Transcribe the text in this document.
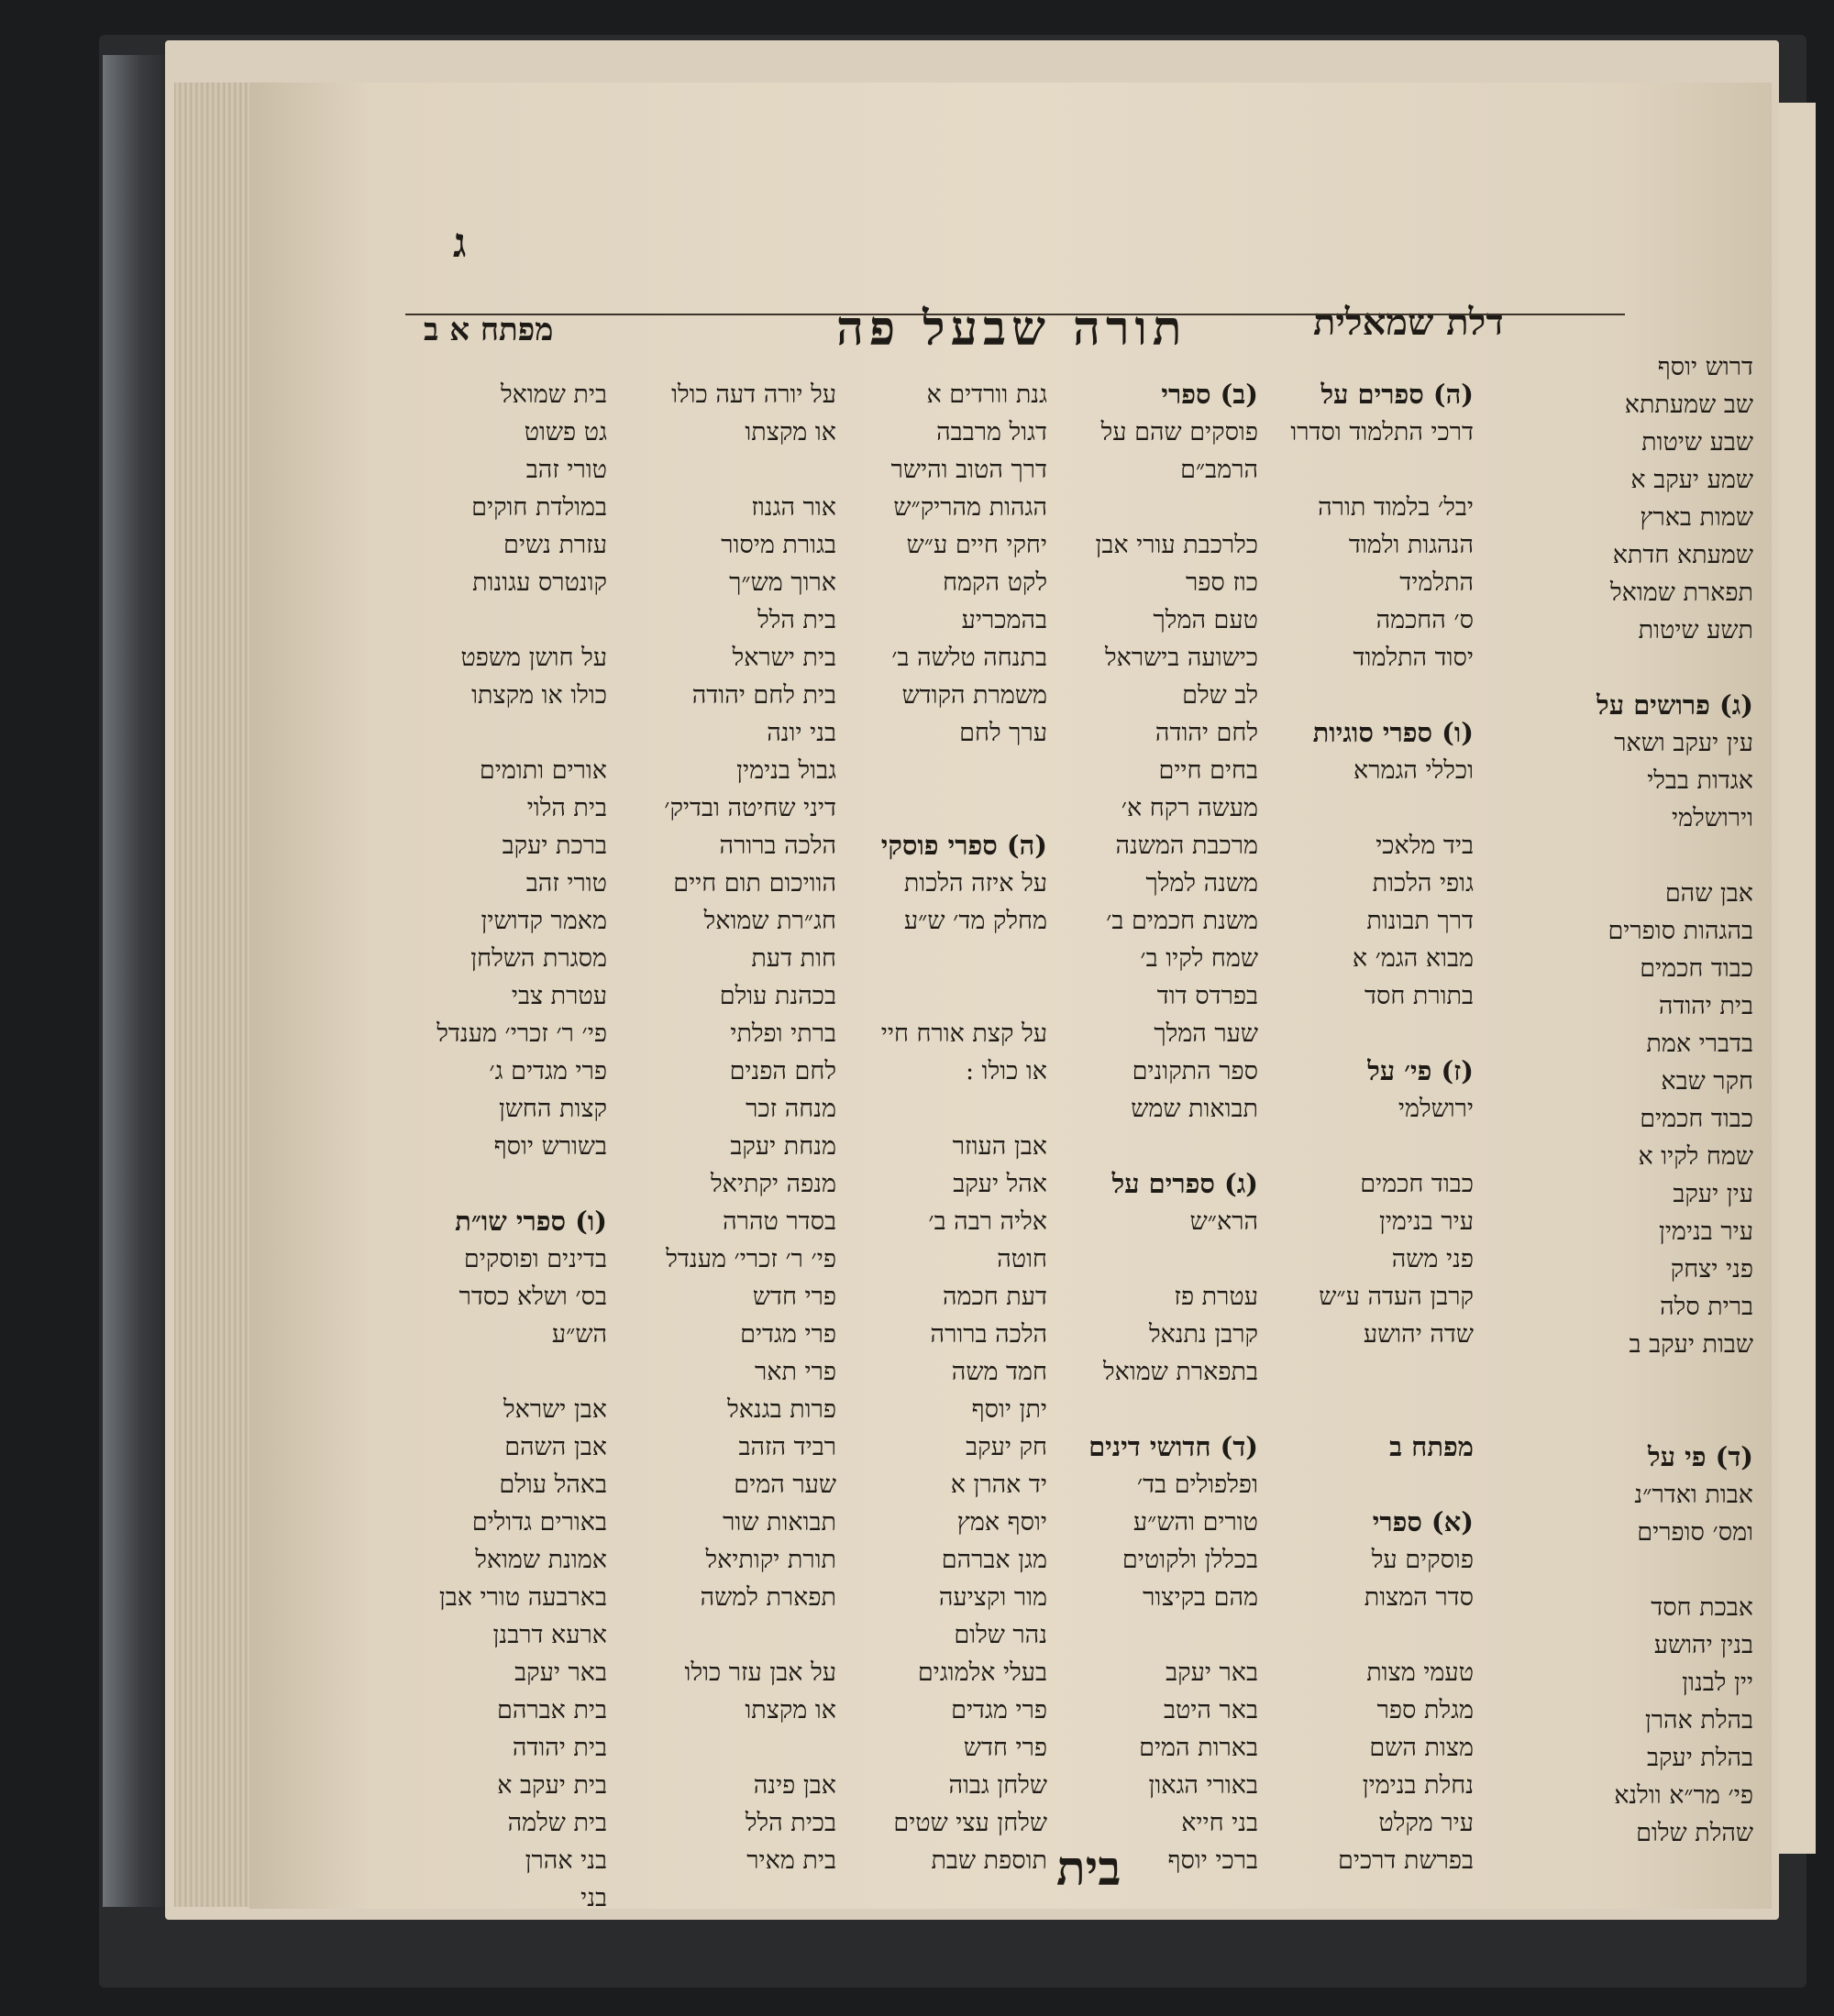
ג
מפתח א ב	תורה שבעל פה	דלת שמאלית
דרוש יוסף
שב שמעתתא
שבע שיטות
שמע יעקב א
שמות בארץ
שמעתא חדתא
תפארת שמואל
תשע שיטות
(ג) פרושים על
עין יעקב ושאר
אגדות בבלי
וירושלמי
אבן שהם
בהגהות סופרים
כבוד חכמים
בית יהודה
בדברי אמת
חקר שבא
כבוד חכמים
שמח לקיו א
עין יעקב
עיר בנימין
פני יצחק
ברית סלה
שבות יעקב ב
(ד) פי על
אבות ואדר״נ
ומס׳ סופרים
אבכת חסד
בנין יהושע
יין לבנון
בהלת אהרן
בהלת יעקב
פי׳ מר״א וולנא
שהלת שלום
(ה) ספרים על
דרכי התלמוד וסדרו
יבל׳ בלמוד תורה
הנהגות ולמוד
התלמיד
ס׳ החכמה
יסוד התלמוד
(ו) ספרי סוגיות
וכללי הגמרא
ביד מלאכי
גופי הלכות
דרך תבונות
מבוא הגמ׳ א
בתורת חסד
(ז) פי׳ על
ירושלמי
כבוד חכמים
עיר בנימין
פני משה
קרבן העדה ע״ש
שדה יהושע
מפתח ב
(א) ספרי
פוסקים על
סדר המצות
טעמי מצות
מגלת ספר
מצות השם
נחלת בנימין
עיר מקלט
בפרשת דרכים
(ב) ספרי
פוסקים שהם על
הרמב״ם
כלרכבת עורי אבן
כוז ספר
טעם המלך
כישועה בישראל
לב שלם
לחם יהודה
בחים חיים
מעשה רקח א׳
מרכבת המשנה
משנה למלך
משנת חכמים ב׳
שמח לקיו ב׳
בפרדס דוד
שער המלך
ספר התקונים
תבואות שמש
(ג) ספרים על
הרא״ש
עטרת פז
קרבן נתנאל
בתפארת שמואל
(ד) חדושי דינים
ופלפולים בד׳
טורים והש״ע
בכללן ולקוטים
מהם בקיצור
באר יעקב
באר היטב
בארות המים
באורי הגאון
בני חייא
ברכי יוסף
גנת וורדים א
דגול מרבבה
דרך הטוב והישר
הגהות מהריק״ש
יחקי חיים ע״ש
לקט הקמח
בהמכריע
בתנחה טלשה ב׳
משמרת הקודש
ערך לחם
(ה) ספרי פוסקי
על איזה הלכות
מחלק מד׳ ש״ע
על קצת אורח חיי
או כולו :
אבן העוזר
אהל יעקב
אליה רבה ב׳
חוטה
דעת חכמה
הלכה ברורה
חמד משה
יתן יוסף
חק יעקב
יד אהרן א
יוסף אמץ
מגן אברהם
מור וקציעה
נהר שלום
בעלי אלמוגים
פרי מגדים
פרי חדש
שלחן גבוה
שלחן עצי שטים
תוספת שבת
על יורה דעה כולו
או מקצתו
אור הגנוז
בגורת מיסור
ארוך מש״ך
בית הלל
בית ישראל
בית לחם יהודה
בני יונה
גבול בנימין
דיני שחיטה ובדיק׳
הלכה ברורה
הוויכום תום חיים
חג״רת שמואל
חות דעת
בכהנת עולם
ברתי ופלתי
לחם הפנים
מנחה זכר
מנחת יעקב
מנפה יקתיאל
בסדר טהרה
פי׳ ר׳ זכרי׳ מענדל
פרי חדש
פרי מגדים
פרי תאר
פרות בגנאל
רביד הזהב
שער המים
תבואות שור
תורת יקותיאל
תפארת למשה
על אבן עזר כולו
או מקצתו
אבן פינה
בכית הלל
בית מאיר
בית שמואל
גט פשוט
טורי זהב
במולדת חוקים
עזרת נשים
קונטרס עגונות
על חושן משפט
כולו או מקצתו
אורים ותומים
בית הלוי
ברכת יעקב
טורי זהב
מאמר קדושין
מסגרת השלחן
עטרת צבי
פי׳ ר׳ זכרי׳ מענדל
פרי מגדים ג׳
קצות החשן
בשורש יוסף
(ו) ספרי שו״ת
בדינים ופוסקים
בס׳ ושלא כסדר
הש״ע
אבן ישראל
אבן השהם
באהל עולם
באורים גדולים
אמונת שמואל
בארבעה טורי אבן
ארעא דרבנן
באר יעקב
בית אברהם
בית יהודה
בית יעקב א
בית שלמה
בני אהרן
בני
בית
